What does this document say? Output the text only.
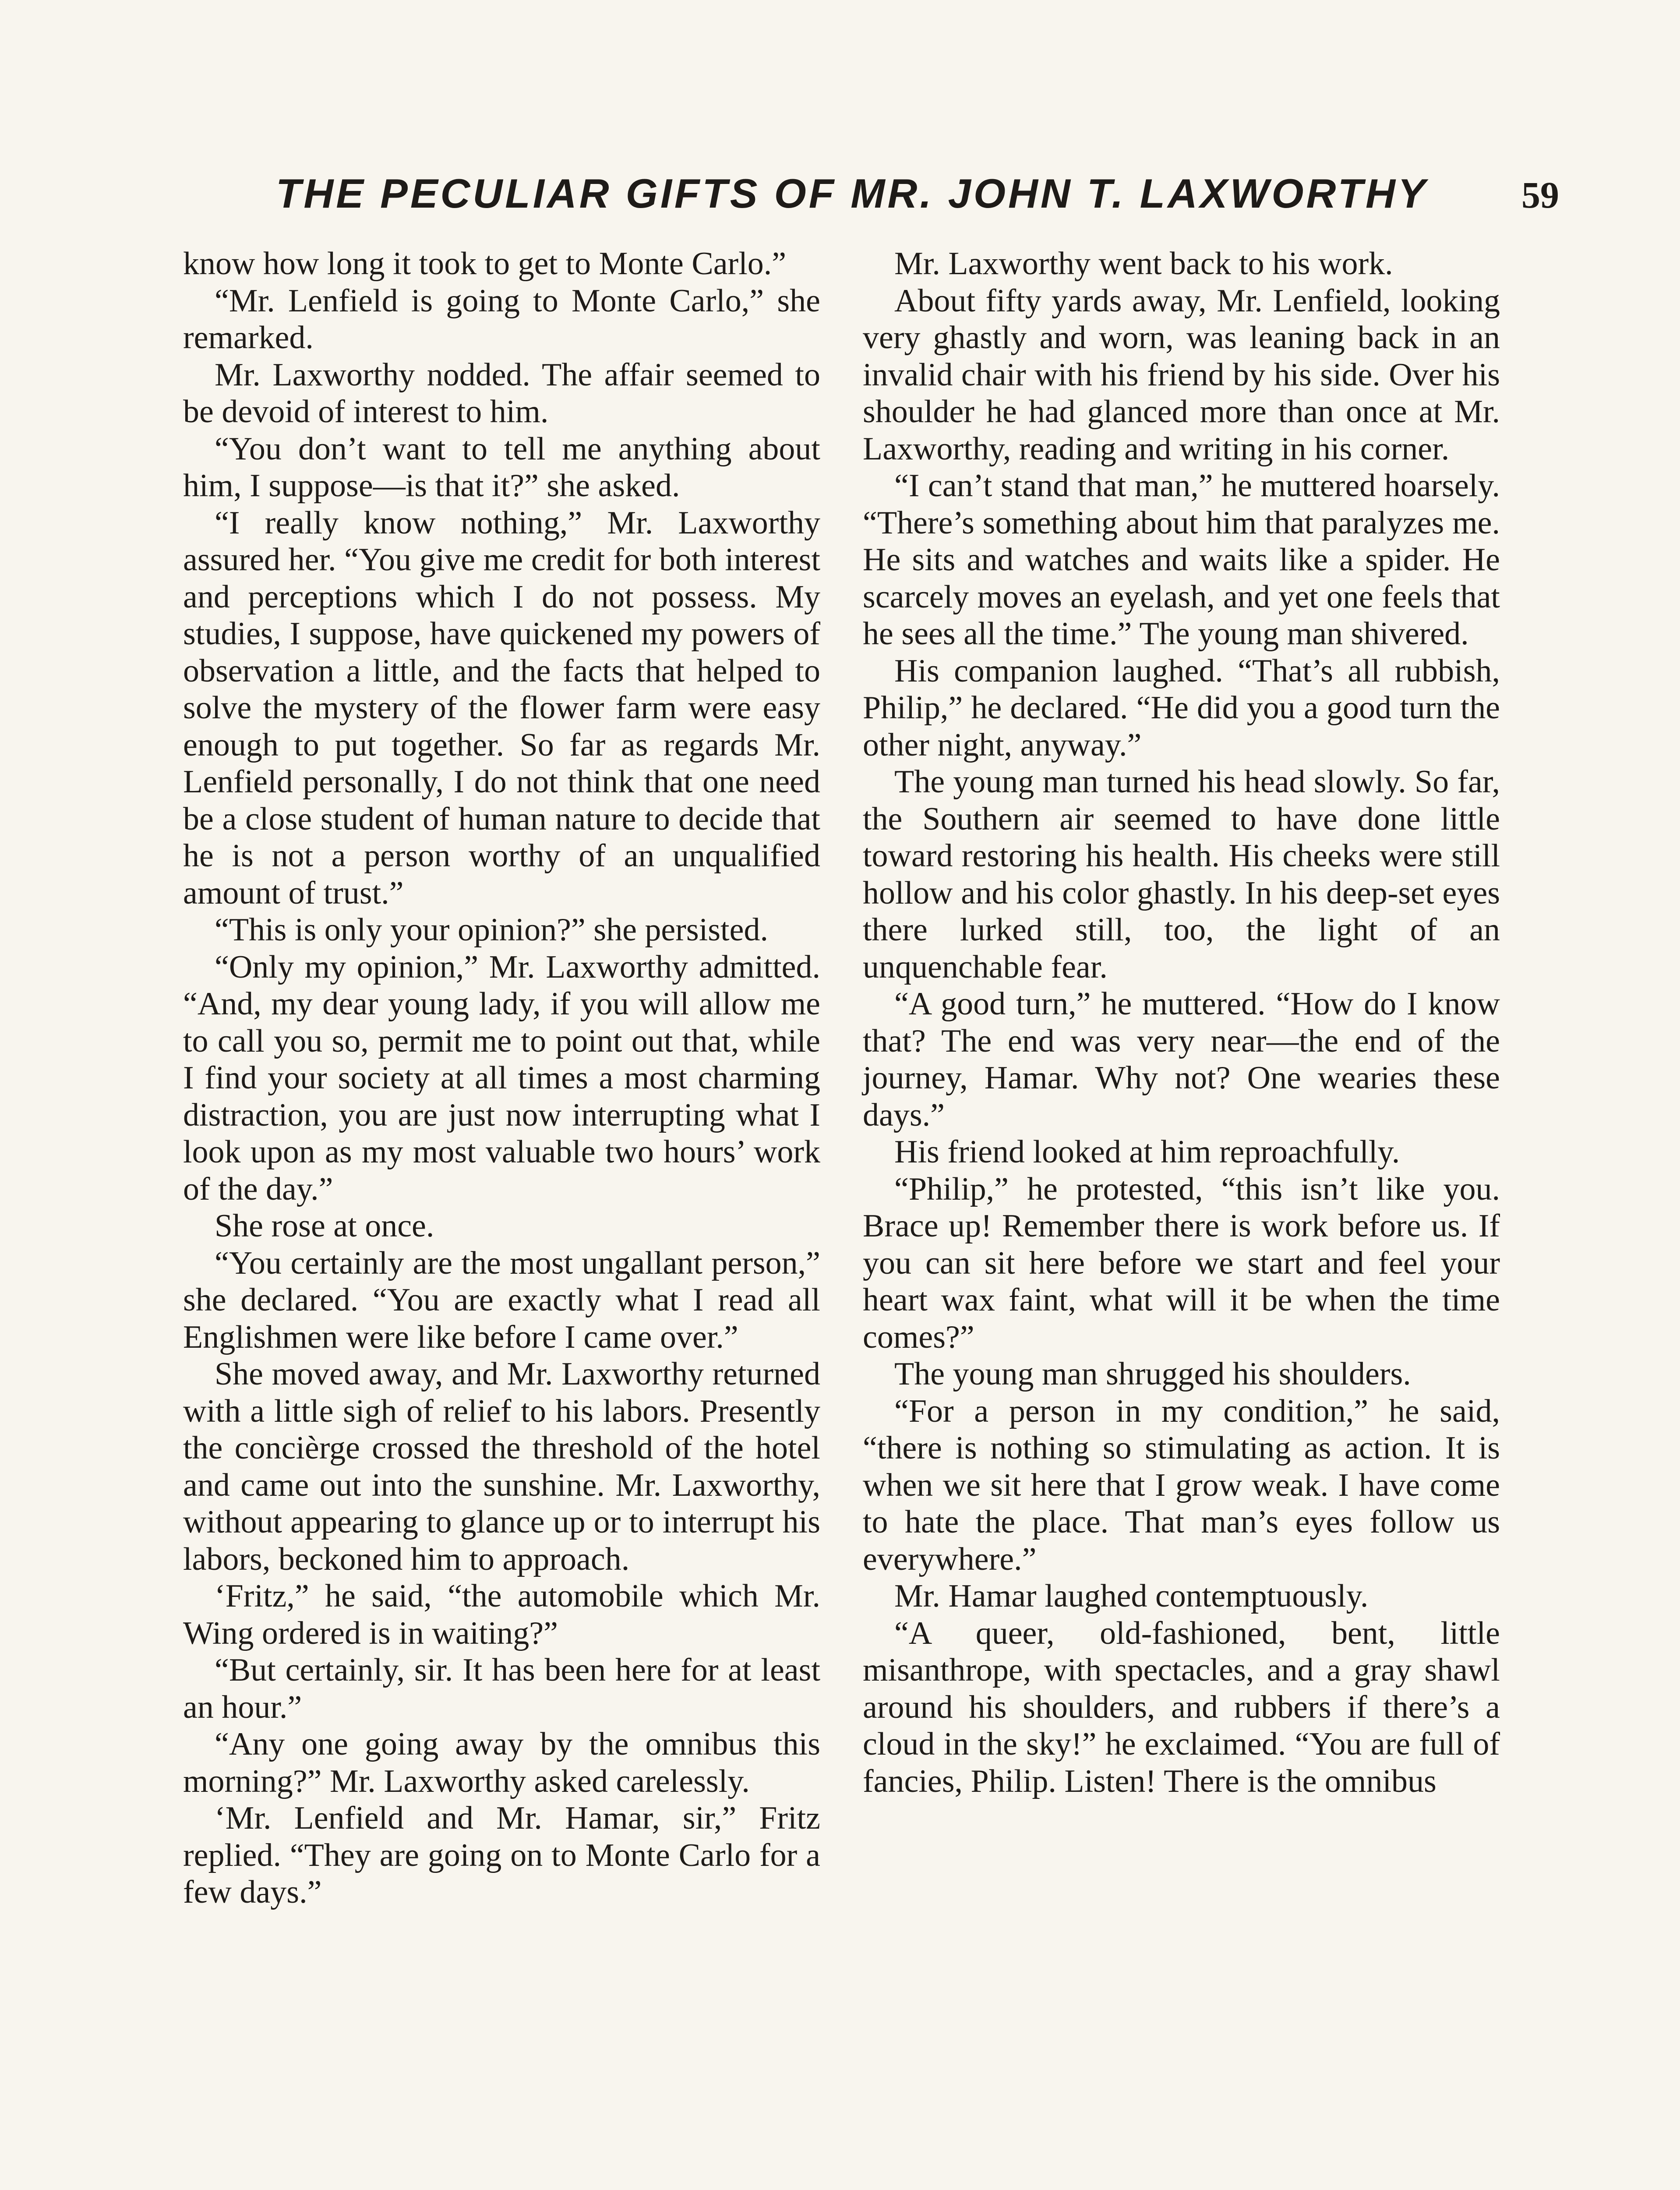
THE PECULIAR GIFTS OF MR. JOHN T. LAXWORTHY 59

know how long it took to get to Monte Carlo.”

“Mr. Lenfield is going to Monte Carlo,” she remarked.

Mr. Laxworthy nodded. The affair seemed to be devoid of interest to him.

“You don’t want to tell me anything about him, I suppose—is that it?” she asked.

“I really know nothing,” Mr. Laxworthy assured her. “You give me credit for both interest and perceptions which I do not possess. My studies, I suppose, have quickened my powers of observation a little, and the facts that helped to solve the mystery of the flower farm were easy enough to put together. So far as regards Mr. Lenfield personally, I do not think that one need be a close student of human nature to decide that he is not a person worthy of an unqualified amount of trust.”

“This is only your opinion?” she persisted.

“Only my opinion,” Mr. Laxworthy admitted. “And, my dear young lady, if you will allow me to call you so, permit me to point out that, while I find your society at all times a most charming distraction, you are just now interrupting what I look upon as my most valuable two hours’ work of the day.”

She rose at once.

“You certainly are the most ungallant person,” she declared. “You are exactly what I read all Englishmen were like before I came over.”

She moved away, and Mr. Laxworthy returned with a little sigh of relief to his labors. Presently the concièrge crossed the threshold of the hotel and came out into the sunshine. Mr. Laxworthy, without appearing to glance up or to interrupt his labors, beckoned him to approach.

‘Fritz,” he said, “the automobile which Mr. Wing ordered is in waiting?”

“But certainly, sir. It has been here for at least an hour.”

“Any one going away by the omnibus this morning?” Mr. Laxworthy asked carelessly.

‘Mr. Lenfield and Mr. Hamar, sir,” Fritz replied. “They are going on to Monte Carlo for a few days.”

Mr. Laxworthy went back to his work.

About fifty yards away, Mr. Lenfield, looking very ghastly and worn, was leaning back in an invalid chair with his friend by his side. Over his shoulder he had glanced more than once at Mr. Laxworthy, reading and writing in his corner.

“I can’t stand that man,” he muttered hoarsely. “There’s something about him that paralyzes me. He sits and watches and waits like a spider. He scarcely moves an eyelash, and yet one feels that he sees all the time.” The young man shivered.

His companion laughed. “That’s all rubbish, Philip,” he declared. “He did you a good turn the other night, anyway.”

The young man turned his head slowly. So far, the Southern air seemed to have done little toward restoring his health. His cheeks were still hollow and his color ghastly. In his deep-set eyes there lurked still, too, the light of an unquenchable fear.

“A good turn,” he muttered. “How do I know that? The end was very near—the end of the journey, Hamar. Why not? One wearies these days.”

His friend looked at him reproachfully.

“Philip,” he protested, “this isn’t like you. Brace up! Remember there is work before us. If you can sit here before we start and feel your heart wax faint, what will it be when the time comes?”

The young man shrugged his shoulders.

“For a person in my condition,” he said, “there is nothing so stimulating as action. It is when we sit here that I grow weak. I have come to hate the place. That man’s eyes follow us everywhere.”

Mr. Hamar laughed contemptuously.

“A queer, old-fashioned, bent, little misanthrope, with spectacles, and a gray shawl around his shoulders, and rubbers if there’s a cloud in the sky!” he exclaimed. “You are full of fancies, Philip. Listen! There is the omnibus
